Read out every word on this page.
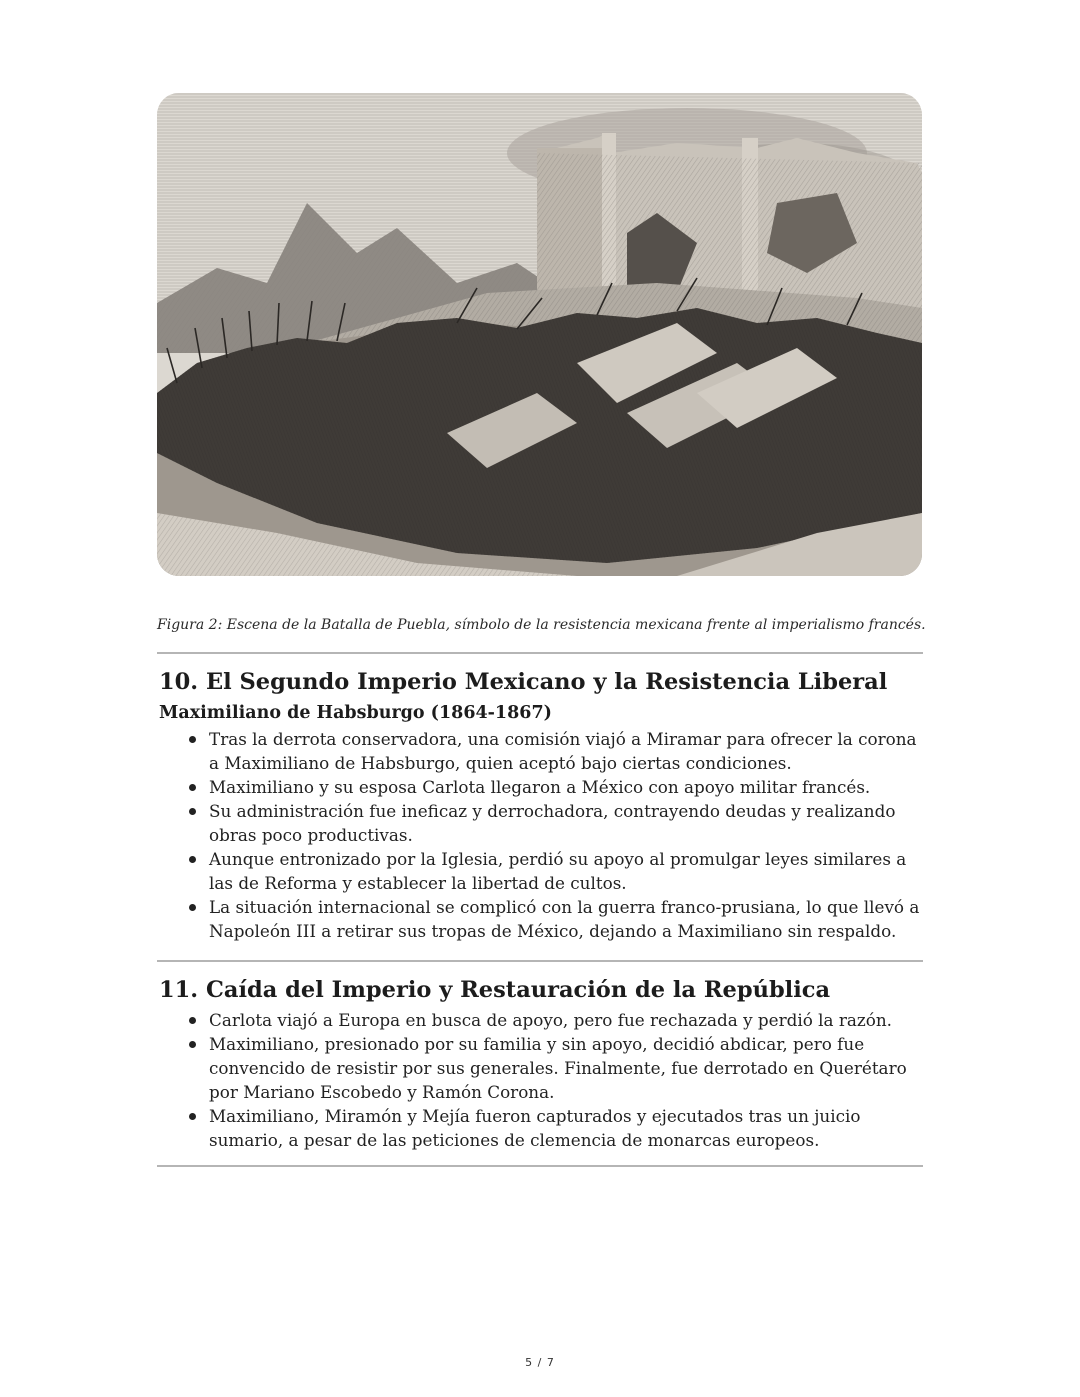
Figura 2: Escena de la Batalla de Puebla, símbolo de la resistencia mexicana frente al imperialismo francés.

10. El Segundo Imperio Mexicano y la Resistencia Liberal
Maximiliano de Habsburgo (1864-1867)
Tras la derrota conservadora, una comisión viajó a Miramar para ofrecer la corona a Maximiliano de Habsburgo, quien aceptó bajo ciertas condiciones.
Maximiliano y su esposa Carlota llegaron a México con apoyo militar francés.
Su administración fue ineficaz y derrochadora, contrayendo deudas y realizando obras poco productivas.
Aunque entronizado por la Iglesia, perdió su apoyo al promulgar leyes similares a las de Reforma y establecer la libertad de cultos.
La situación internacional se complicó con la guerra franco-prusiana, lo que llevó a Napoleón III a retirar sus tropas de México, dejando a Maximiliano sin respaldo.
11. Caída del Imperio y Restauración de la República
Carlota viajó a Europa en busca de apoyo, pero fue rechazada y perdió la razón.
Maximiliano, presionado por su familia y sin apoyo, decidió abdicar, pero fue convencido de resistir por sus generales. Finalmente, fue derrotado en Querétaro por Mariano Escobedo y Ramón Corona.
Maximiliano, Miramón y Mejía fueron capturados y ejecutados tras un juicio sumario, a pesar de las peticiones de clemencia de monarcas europeos.
5 / 7
